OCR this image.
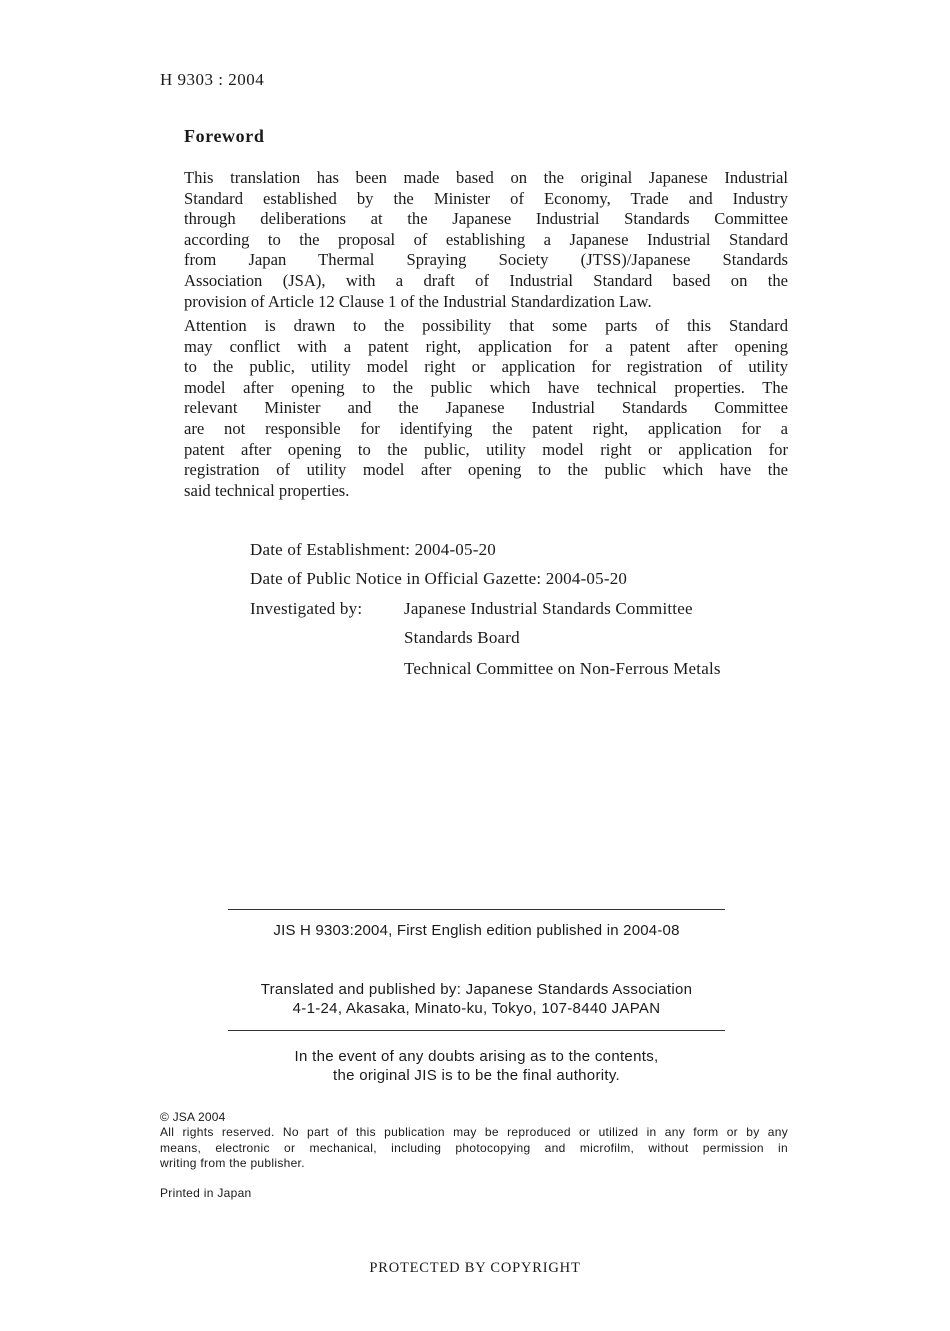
H 9303 : 2004
Foreword
This translation has been made based on the original Japanese Industrial
Standard established by the Minister of Economy, Trade and Industry
through deliberations at the Japanese Industrial Standards Committee
according to the proposal of establishing a Japanese Industrial Standard
from Japan Thermal Spraying Society (JTSS)/Japanese Standards
Association (JSA), with a draft of Industrial Standard based on the
provision of Article 12 Clause 1 of the Industrial Standardization Law.
Attention is drawn to the possibility that some parts of this Standard
may conflict with a patent right, application for a patent after opening
to the public, utility model right or application for registration of utility
model after opening to the public which have technical properties. The
relevant Minister and the Japanese Industrial Standards Committee
are not responsible for identifying the patent right, application for a
patent after opening to the public, utility model right or application for
registration of utility model after opening to the public which have the
said technical properties.
Date of Establishment: 2004-05-20
Date of Public Notice in Official Gazette: 2004-05-20
Investigated by: Japanese Industrial Standards Committee
Standards Board
Technical Committee on Non-Ferrous Metals
JIS H 9303:2004, First English edition published in 2004-08
Translated and published by: Japanese Standards Association
4-1-24, Akasaka, Minato-ku, Tokyo, 107-8440 JAPAN
In the event of any doubts arising as to the contents,
the original JIS is to be the final authority.
© JSA 2004
All rights reserved. No part of this publication may be reproduced or utilized in any form or by any
means, electronic or mechanical, including photocopying and microfilm, without permission in
writing from the publisher.
Printed in Japan
PROTECTED BY COPYRIGHT
